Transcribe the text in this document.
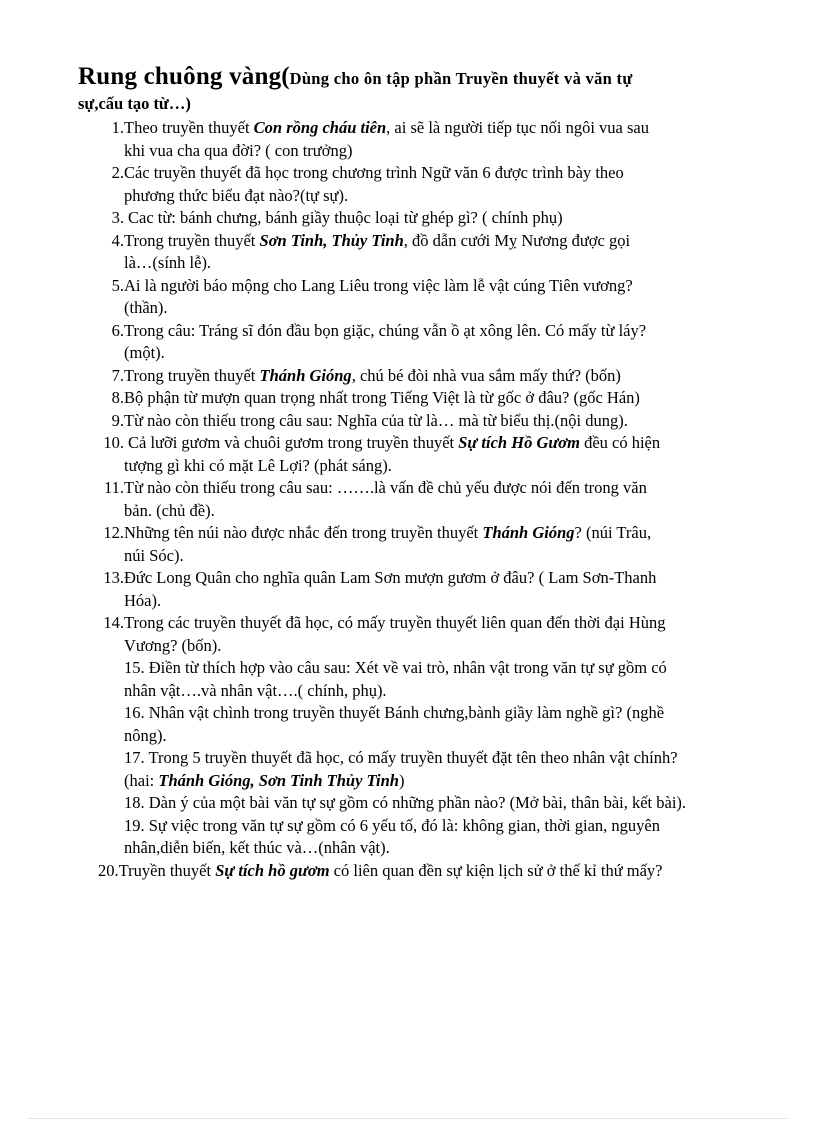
Rung chuông vàng(Dùng cho ôn tập phần Truyền thuyết và văn tự

sự,cấu tạo từ…)

1. Theo truyền thuyết Con rồng cháu tiên, ai sẽ là người tiếp tục nối ngôi vua sau

khi vua cha qua đời? ( con trưởng)

2. Các truyền thuyết đã học trong chương trình Ngữ văn 6 được trình bày theo

phương thức biểu đạt nào?(tự sự).

3. Cac từ: bánh chưng, bánh giầy thuộc loại từ ghép gì? ( chính phụ)

4. Trong truyền thuyết Sơn Tinh, Thủy Tinh, đồ dẫn cưới Mỵ Nương được gọi

là…(sính lễ).

5. Ai là người báo mộng cho Lang Liêu trong việc làm lễ vật cúng Tiên vương?

(thần).

6. Trong câu: Tráng sĩ đón đầu bọn giặc, chúng vẫn ồ ạt xông lên. Có mấy từ láy?

(một).

7. Trong truyền thuyết Thánh Gióng, chú bé đòi nhà vua sắm mấy thứ? (bốn)

8. Bộ phận từ mượn quan trọng nhất trong Tiếng Việt là từ gốc ở đâu? (gốc Hán)

9. Từ nào còn thiếu trong câu sau: Nghĩa của từ là… mà từ biểu thị.(nội dung).

10. Cả lưỡi gươm và chuôi gươm trong truyền thuyết Sự tích Hồ Gươm đều có hiện

tượng gì khi có mặt Lê Lợi? (phát sáng).

11. Từ nào còn thiếu trong câu sau: …….là vấn đề chủ yếu được nói đến trong văn

bản. (chủ đề).

12. Những tên núi nào được nhắc đến trong truyền thuyết Thánh Gióng? (núi Trâu,

núi Sóc).

13. Đức Long Quân cho nghĩa quân Lam Sơn mượn gươm ở đâu? ( Lam Sơn-Thanh

Hóa).

14. Trong các truyền thuyết đã học, có mấy truyền thuyết liên quan đến thời đại Hùng

Vương? (bốn).

15. Điền từ thích hợp vào câu sau: Xét về vai trò, nhân vật trong văn tự sự gồm có

nhân vật….và nhân vật….( chính, phụ).

16. Nhân vật chình trong truyền thuyết Bánh chưng,bành giầy làm nghề gì? (nghề

nông).

17. Trong 5 truyền thuyết đã học, có mấy truyền thuyết đặt tên theo nhân vật chính?

(hai: Thánh Gióng, Sơn Tinh Thủy Tinh)

18. Dàn ý của một bài văn tự sự gồm có những phần nào? (Mở bài, thân bài, kết bài).

19. Sự việc trong văn tự sự gồm có 6 yếu tố, đó là: không gian, thời gian, nguyên

nhân,diễn biến, kết thúc và…(nhân vật).

20.Truyền thuyết Sự tích hồ gươm có liên quan đền sự kiện lịch sử ở thế kỉ thứ mấy?
